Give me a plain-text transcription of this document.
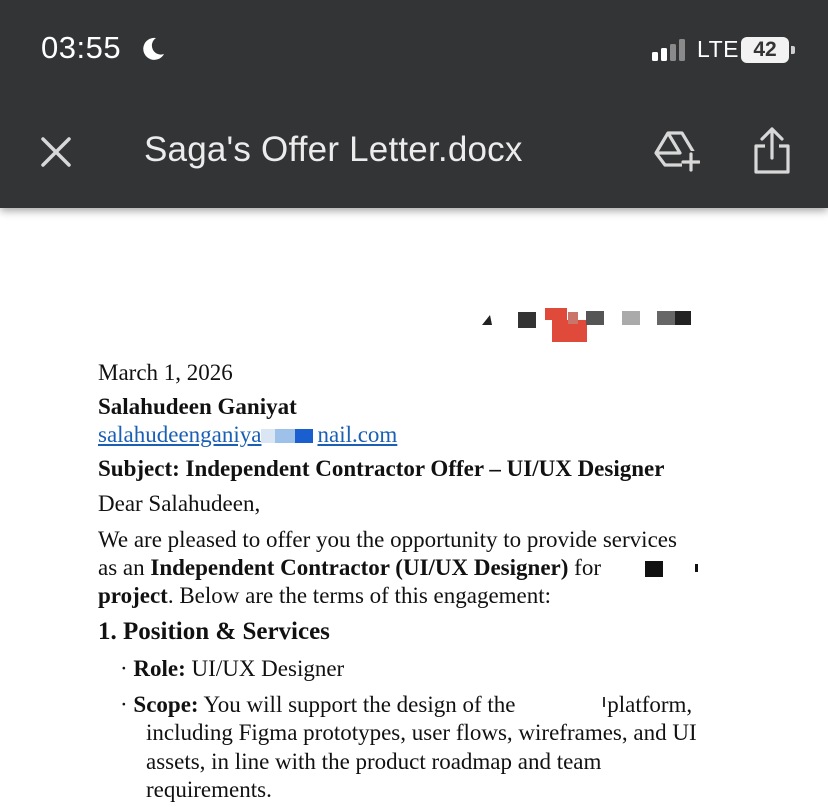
03:55	LTE 42
Saga's Offer Letter.docx
March 1, 2026
Salahudeen Ganiyat
salahudeenganiya nail.com
Subject: Independent Contractor Offer – UI/UX Designer
Dear Salahudeen,
We are pleased to offer you the opportunity to provide services
as an Independent Contractor (UI/UX Designer) for
project. Below are the terms of this engagement:
1. Position & Services
· Role: UI/UX Designer
· Scope: You will support the design of the	platform,
including Figma prototypes, user flows, wireframes, and UI
assets, in line with the product roadmap and team
requirements.
